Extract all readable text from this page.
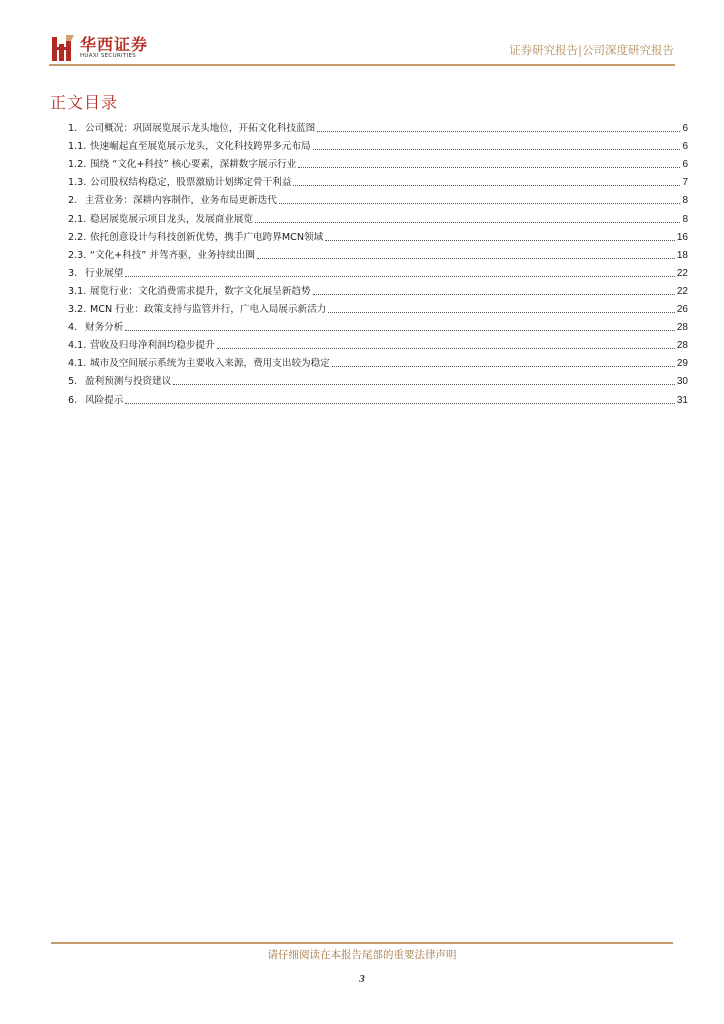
华西证券
HUAXI SECURITIES	证券研究报告|公司深度研究报告
正文目录
1. 公司概况：巩固展览展示龙头地位，开拓文化科技蓝图	6
1.1. 快速崛起直至展览展示龙头，文化科技跨界多元布局	6
1.2. 围绕 “文化+科技” 核心要素，深耕数字展示行业	6
1.3. 公司股权结构稳定，股票激励计划绑定骨干利益	7
2. 主营业务：深耕内容制作，业务布局更新迭代	8
2.1. 稳居展览展示项目龙头，发展商业展览	8
2.2. 依托创意设计与科技创新优势，携手广电跨界MCN领域	16
2.3. “文化+科技” 并驾齐驱，业务持续出圈	18
3. 行业展望	22
3.1. 展览行业：文化消费需求提升，数字文化展呈新趋势	22
3.2. MCN 行业：政策支持与监管并行，广电入局展示新活力	26
4. 财务分析	28
4.1. 营收及归母净利润均稳步提升	28
4.1. 城市及空间展示系统为主要收入来源，费用支出较为稳定	29
5. 盈利预测与投资建议	30
6. 风险提示	31
请仔细阅读在本报告尾部的重要法律声明
3
